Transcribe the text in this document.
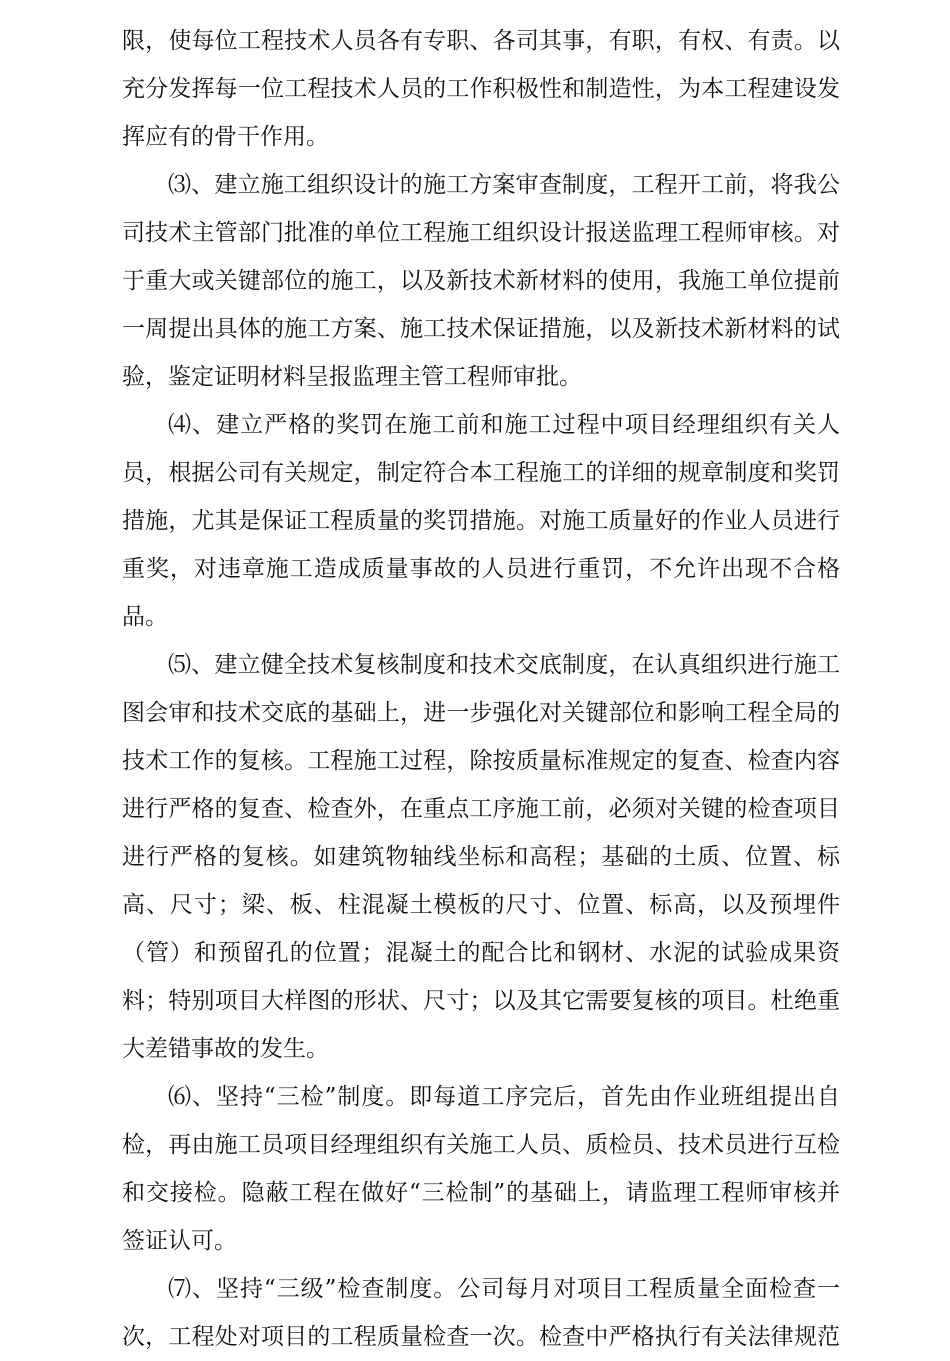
限，使每位工程技术人员各有专职、各司其事，有职，有权、有责。以
充分发挥每一位工程技术人员的工作积极性和制造性，为本工程建设发
挥应有的骨干作用。
⑶、建立施工组织设计的施工方案审查制度，工程开工前，将我公
司技术主管部门批准的单位工程施工组织设计报送监理工程师审核。对
于重大或关键部位的施工，以及新技术新材料的使用，我施工单位提前
一周提出具体的施工方案、施工技术保证措施，以及新技术新材料的试
验，鉴定证明材料呈报监理主管工程师审批。
⑷、建立严格的奖罚在施工前和施工过程中项目经理组织有关人
员，根据公司有关规定，制定符合本工程施工的详细的规章制度和奖罚
措施，尤其是保证工程质量的奖罚措施。对施工质量好的作业人员进行
重奖，对违章施工造成质量事故的人员进行重罚，不允许出现不合格
品。
⑸、建立健全技术复核制度和技术交底制度，在认真组织进行施工
图会审和技术交底的基础上，进一步强化对关键部位和影响工程全局的
技术工作的复核。工程施工过程，除按质量标准规定的复查、检查内容
进行严格的复查、检查外，在重点工序施工前，必须对关键的检查项目
进行严格的复核。如建筑物轴线坐标和高程；基础的土质、位置、标
高、尺寸；梁、板、柱混凝土模板的尺寸、位置、标高，以及预埋件
（管）和预留孔的位置；混凝土的配合比和钢材、水泥的试验成果资
料；特别项目大样图的形状、尺寸；以及其它需要复核的项目。杜绝重
大差错事故的发生。
⑹、坚持“三检”制度。即每道工序完后，首先由作业班组提出自
检，再由施工员项目经理组织有关施工人员、质检员、技术员进行互检
和交接检。隐蔽工程在做好“三检制”的基础上，请监理工程师审核并
签证认可。
⑺、坚持“三级”检查制度。公司每月对项目工程质量全面检查一
次，工程处对项目的工程质量检查一次。检查中严格执行有关法律规范
